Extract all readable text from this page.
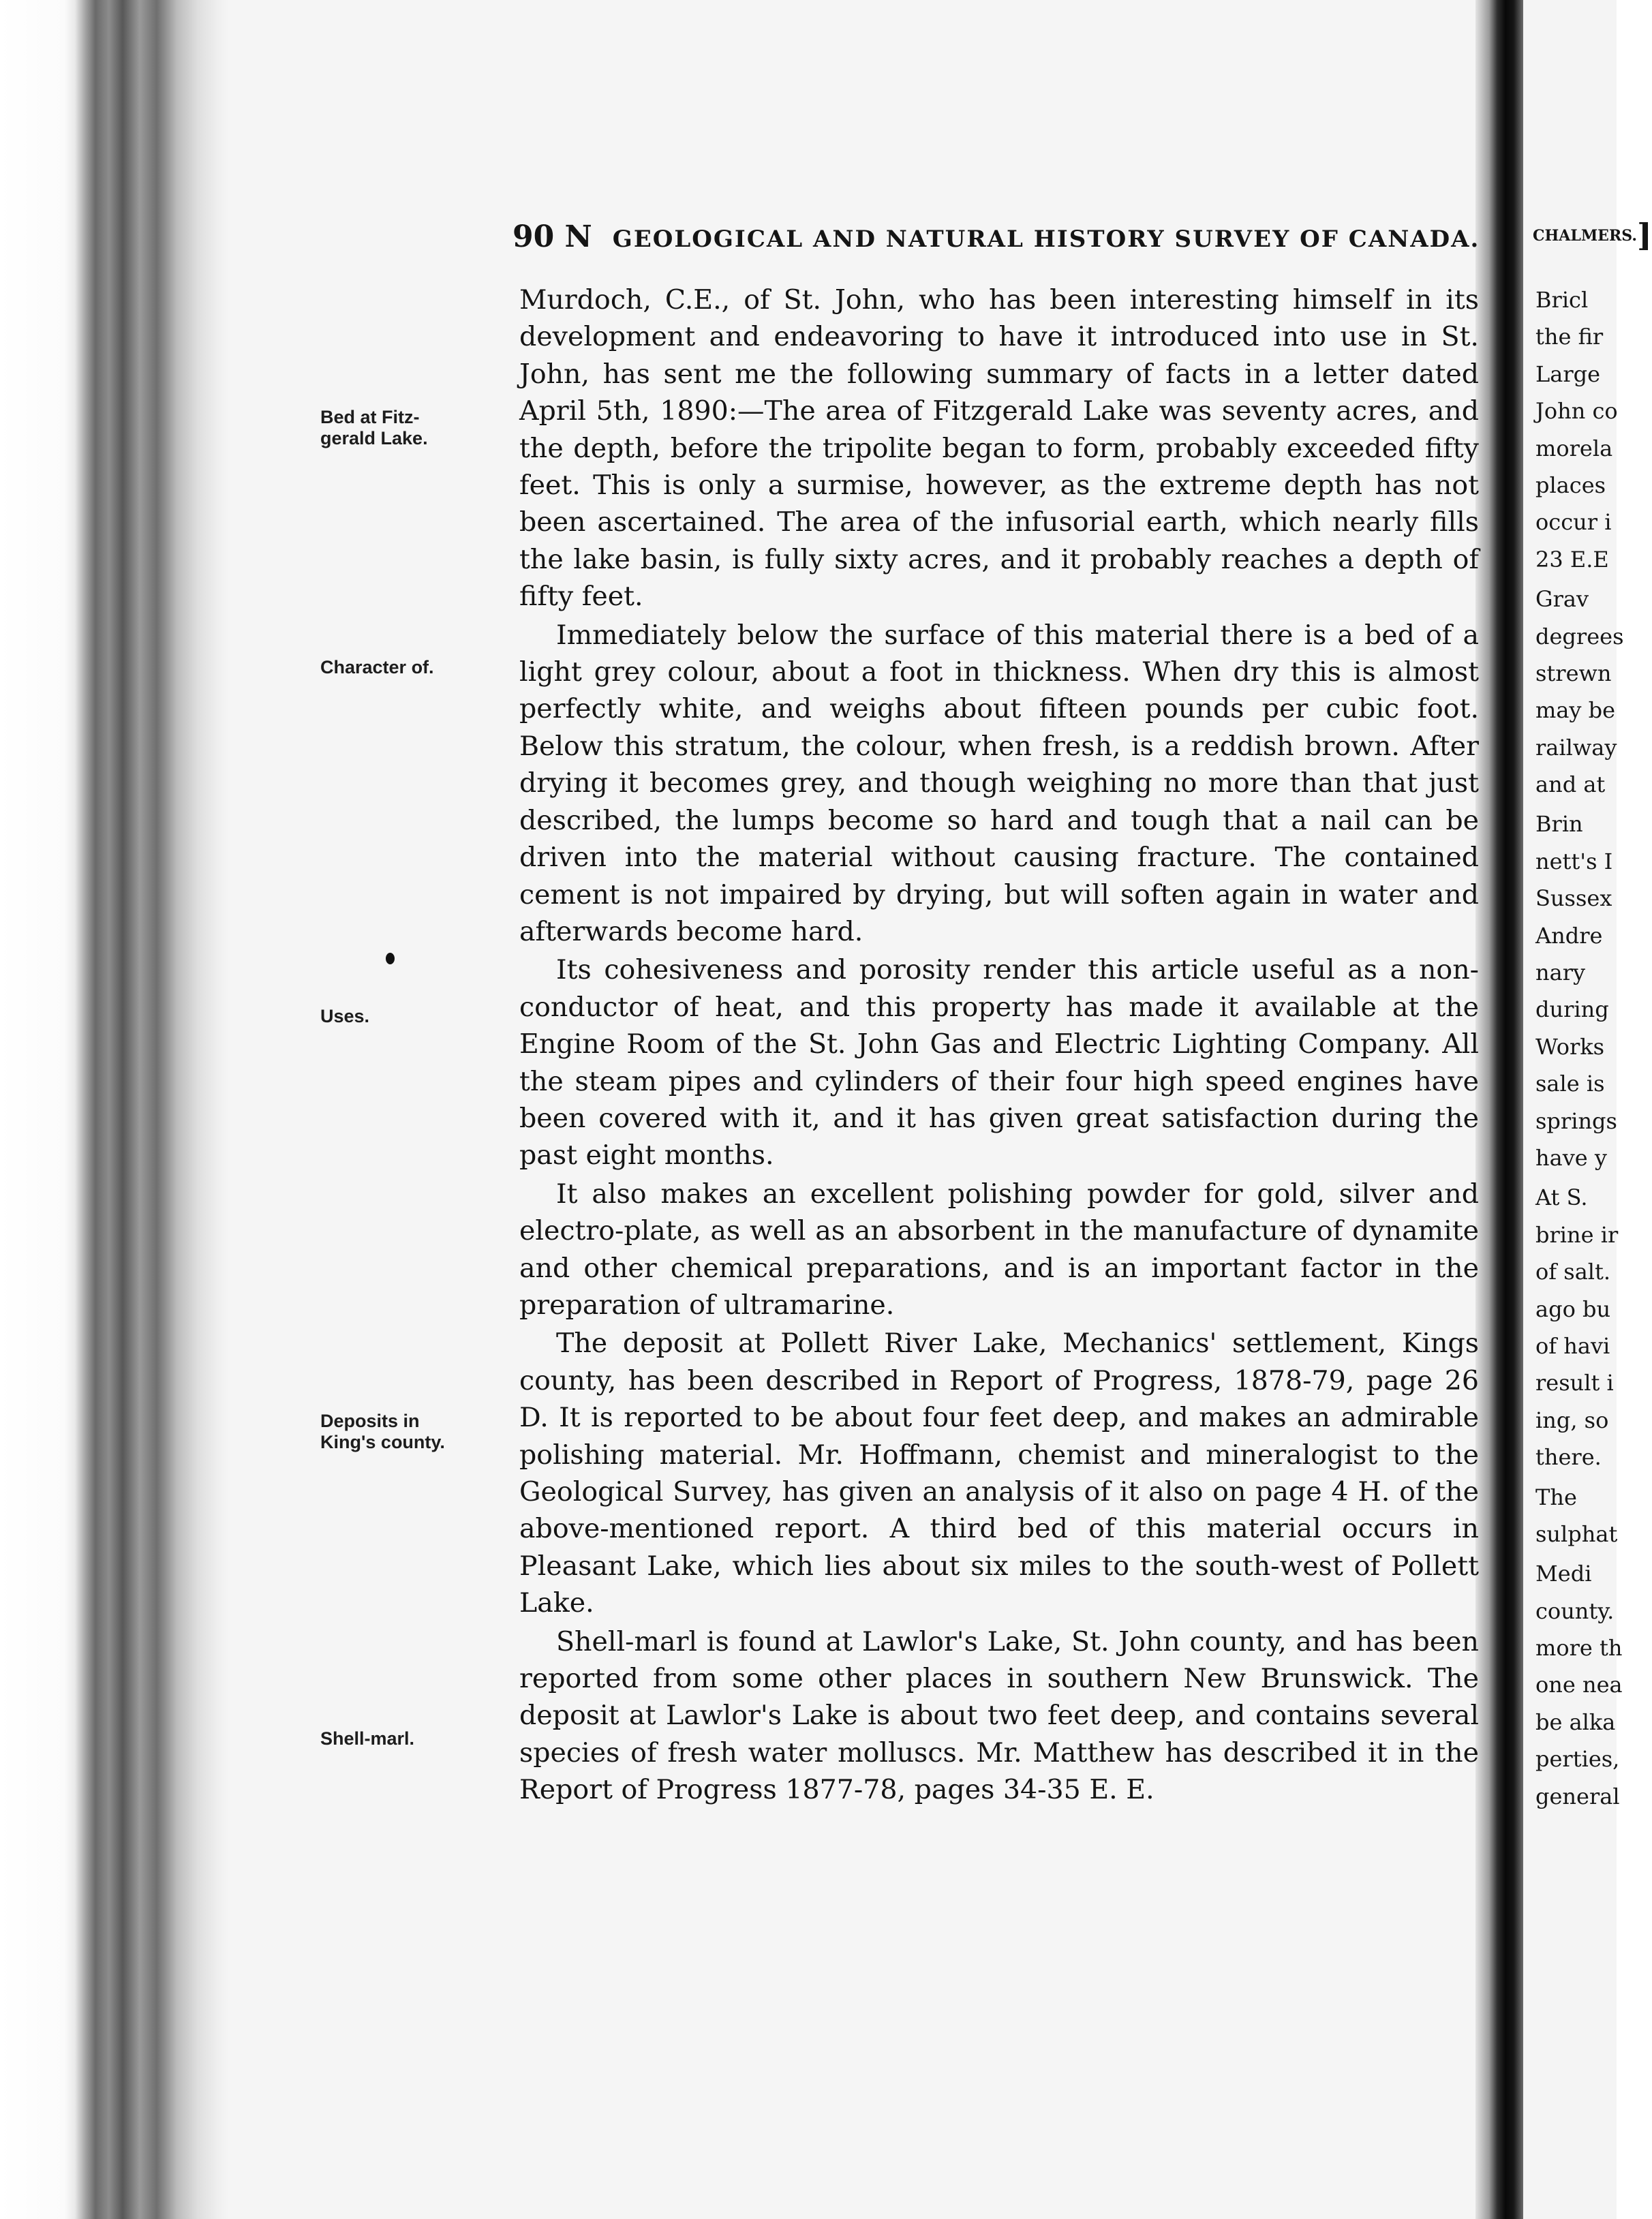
90 N GEOLOGICAL AND NATURAL HISTORY SURVEY OF CANADA.
Bed at Fitz-
gerald Lake.
Character of.
Uses.
Deposits in
King's county.
Shell-marl.

Murdoch, C.E., of St. John, who has been interesting himself in its development and endeavoring to have it introduced into use in St. John, has sent me the following summary of facts in a letter dated April 5th, 1890:—The area of Fitzgerald Lake was seventy acres, and the depth, before the tripolite began to form, probably exceeded fifty feet. This is only a surmise, however, as the extreme depth has not been ascertained. The area of the infusorial earth, which nearly fills the lake basin, is fully sixty acres, and it probably reaches a depth of fifty feet.

Immediately below the surface of this material there is a bed of a light grey colour, about a foot in thickness. When dry this is almost perfectly white, and weighs about fifteen pounds per cubic foot. Below this stratum, the colour, when fresh, is a reddish brown. After drying it becomes grey, and though weighing no more than that just described, the lumps become so hard and tough that a nail can be driven into the material without causing fracture. The contained cement is not impaired by drying, but will soften again in water and afterwards become hard.

Its cohesiveness and porosity render this article useful as a non-conductor of heat, and this property has made it available at the Engine Room of the St. John Gas and Electric Lighting Company. All the steam pipes and cylinders of their four high speed engines have been covered with it, and it has given great satisfaction during the past eight months.

It also makes an excellent polishing powder for gold, silver and electro-plate, as well as an absorbent in the manufacture of dynamite and other chemical preparations, and is an important factor in the preparation of ultramarine.

The deposit at Pollett River Lake, Mechanics' settlement, Kings county, has been described in Report of Progress, 1878-79, page 26 D. It is reported to be about four feet deep, and makes an admirable polishing material. Mr. Hoffmann, chemist and mineralogist to the Geological Survey, has given an analysis of it also on page 4 H. of the above-mentioned report. A third bed of this material occurs in Pleasant Lake, which lies about six miles to the south-west of Pollett Lake.

Shell-marl is found at Lawlor's Lake, St. John county, and has been reported from some other places in southern New Brunswick. The deposit at Lawlor's Lake is about two feet deep, and contains several species of fresh water molluscs. Mr. Matthew has described it in the Report of Progress 1877-78, pages 34-35 E. E.

CHALMERS.]
Bricl
the fir
Large
John co
morela
places
occur i
23 E.E
Grav
degrees
strewn
may be
railway
and at
Brin
nett's I
Sussex
Andre
nary
during
Works
sale is
springs
have y
At S.
brine ir
of salt.
ago bu
of havi
result i
ing, so
there.
The
sulphat
Medi
county.
more th
one nea
be alka
perties,
general
